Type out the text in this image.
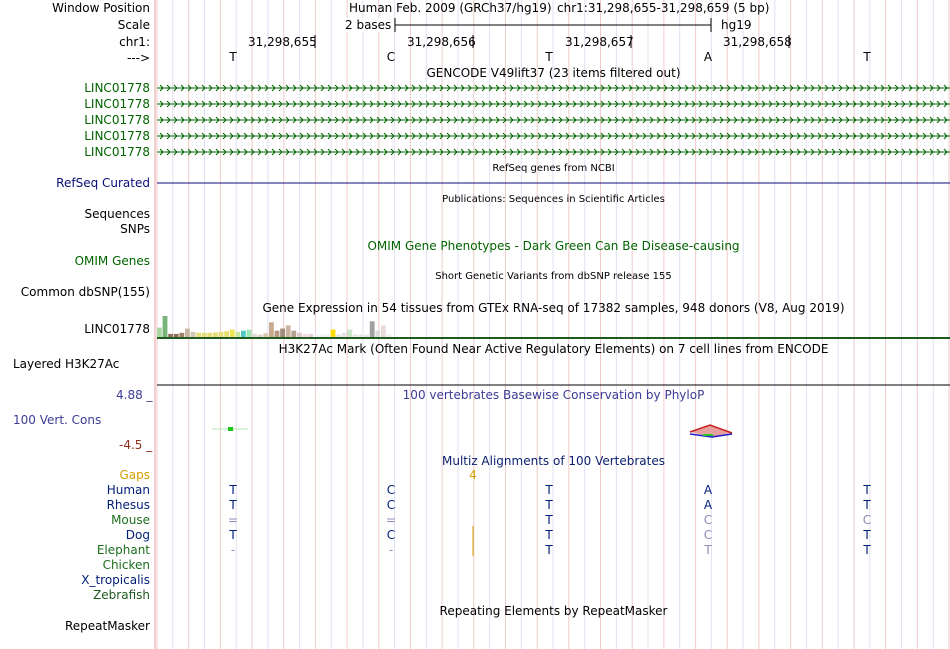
Window Position	Human Feb. 2009 (GRCh37/hg19) chr1:31,298,655-31,298,659 (5 bp)
Scale	2 bases	hg19
chr1:	31,298,655	31,298,656	31,298,657	31,298,658
--->	T	C	T	A	T
GENCODE V49lift37 (23 items filtered out)
LINC01778
LINC01778
LINC01778
LINC01778
LINC01778
RefSeq genes from NCBI
RefSeq Curated
Publications: Sequences in Scientific Articles
Sequences
SNPs
OMIM Gene Phenotypes - Dark Green Can Be Disease-causing
OMIM Genes
Short Genetic Variants from dbSNP release 155
Common dbSNP(155)
Gene Expression in 54 tissues from GTEx RNA-seq of 17382 samples, 948 donors (V8, Aug 2019)
LINC01778
H3K27Ac Mark (Often Found Near Active Regulatory Elements) on 7 cell lines from ENCODE
Layered H3K27Ac
4.88 _	100 vertebrates Basewise Conservation by PhyloP
100 Vert. Cons
-4.5 _
Multiz Alignments of 100 Vertebrates
Gaps	4
Human	T	C	T	A	T
Rhesus	T	C	T	A	T
Mouse	=	=	T	C	C
Dog	T	C	T	C	T
Elephant	-	-	T	T	T
Chicken
X_tropicalis
Zebrafish
Repeating Elements by RepeatMasker
RepeatMasker
